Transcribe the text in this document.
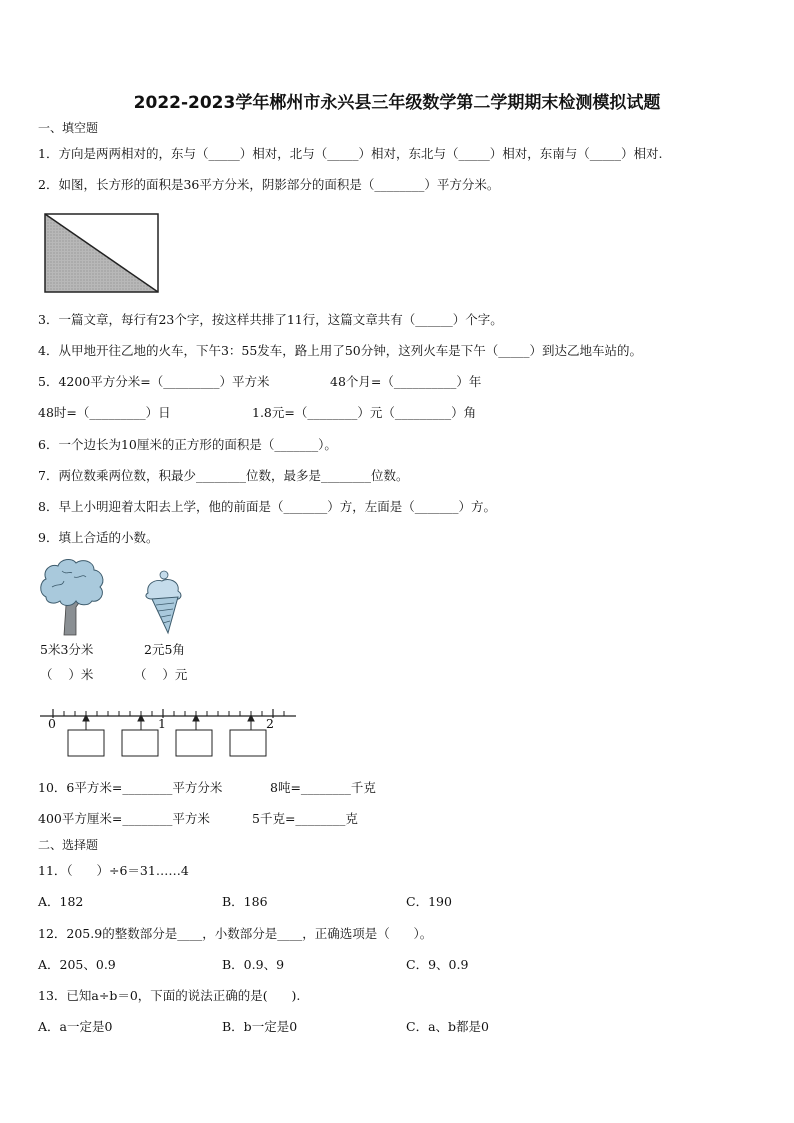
2022-2023学年郴州市永兴县三年级数学第二学期期末检测模拟试题
一、填空题
1．方向是两两相对的，东与（_____）相对，北与（_____）相对，东北与（_____）相对，东南与（_____）相对.
2．如图，长方形的面积是36平方分米，阴影部分的面积是（________）平方分米。
3．一篇文章，每行有23个字，按这样共排了11行，这篇文章共有（______）个字。
4．从甲地开往乙地的火车，下午3：55发车，路上用了50分钟，这列火车是下午（_____）到达乙地车站的。
5．4200平方分米=（_________）平方米	48个月=（__________）年
48时=（_________）日	1.8元=（________）元（_________）角
6．一个边长为10厘米的正方形的面积是（_______）。
7．两位数乘两位数，积最少________位数，最多是________位数。
8．早上小明迎着太阳去上学，他的前面是（_______）方，左面是（_______）方。
9．填上合适的小数。
5米3分米	2元5角
（    ）米	（    ）元
0	1	2
10．6平方米=________平方分米	8吨=________千克
400平方厘米=________平方米	5千克=________克
二、选择题
11．（      ）÷6＝31……4
A．182	B．186	C．190
12．205.9的整数部分是____，小数部分是____，正确选项是（      ）。
A．205、0.9	B．0.9、9	C．9、0.9
13．已知a÷b＝0，下面的说法正确的是(      ).
A．a一定是0	B．b一定是0	C．a、b都是0
